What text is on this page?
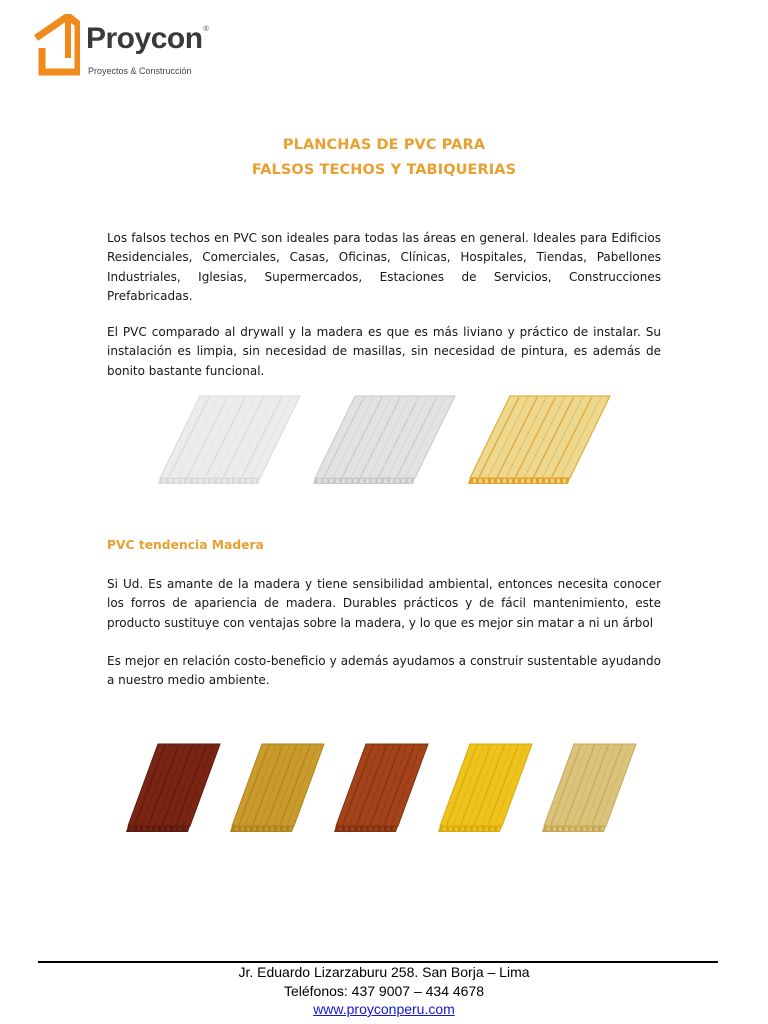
Proycon®
Proyectos & Construcción
PLANCHAS DE PVC PARA
FALSOS TECHOS Y TABIQUERIAS

Los falsos techos en PVC son ideales para todas las áreas en general. Ideales para Edificios Residenciales, Comerciales, Casas, Oficinas, Clínicas, Hospitales, Tiendas, Pabellones Industriales, Iglesias, Supermercados, Estaciones de Servicios, Construcciones Prefabricadas.

El PVC comparado al drywall y la madera es que es más liviano y práctico de instalar. Su instalación es limpia, sin necesidad de masillas, sin necesidad de pintura, es además de bonito bastante funcional.

PVC tendencia Madera

Si Ud. Es amante de la madera y tiene sensibilidad ambiental, entonces necesita conocer los forros de apariencia de madera. Durables prácticos y de fácil mantenimiento, este producto sustituye con ventajas sobre la madera, y lo que es mejor sin matar a ni un árbol

Es mejor en relación costo-beneficio y además ayudamos a construir sustentable ayudando a nuestro medio ambiente.

Jr. Eduardo Lizarzaburu 258. San Borja – Lima
Teléfonos: 437 9007 – 434 4678
www.proyconperu.com
